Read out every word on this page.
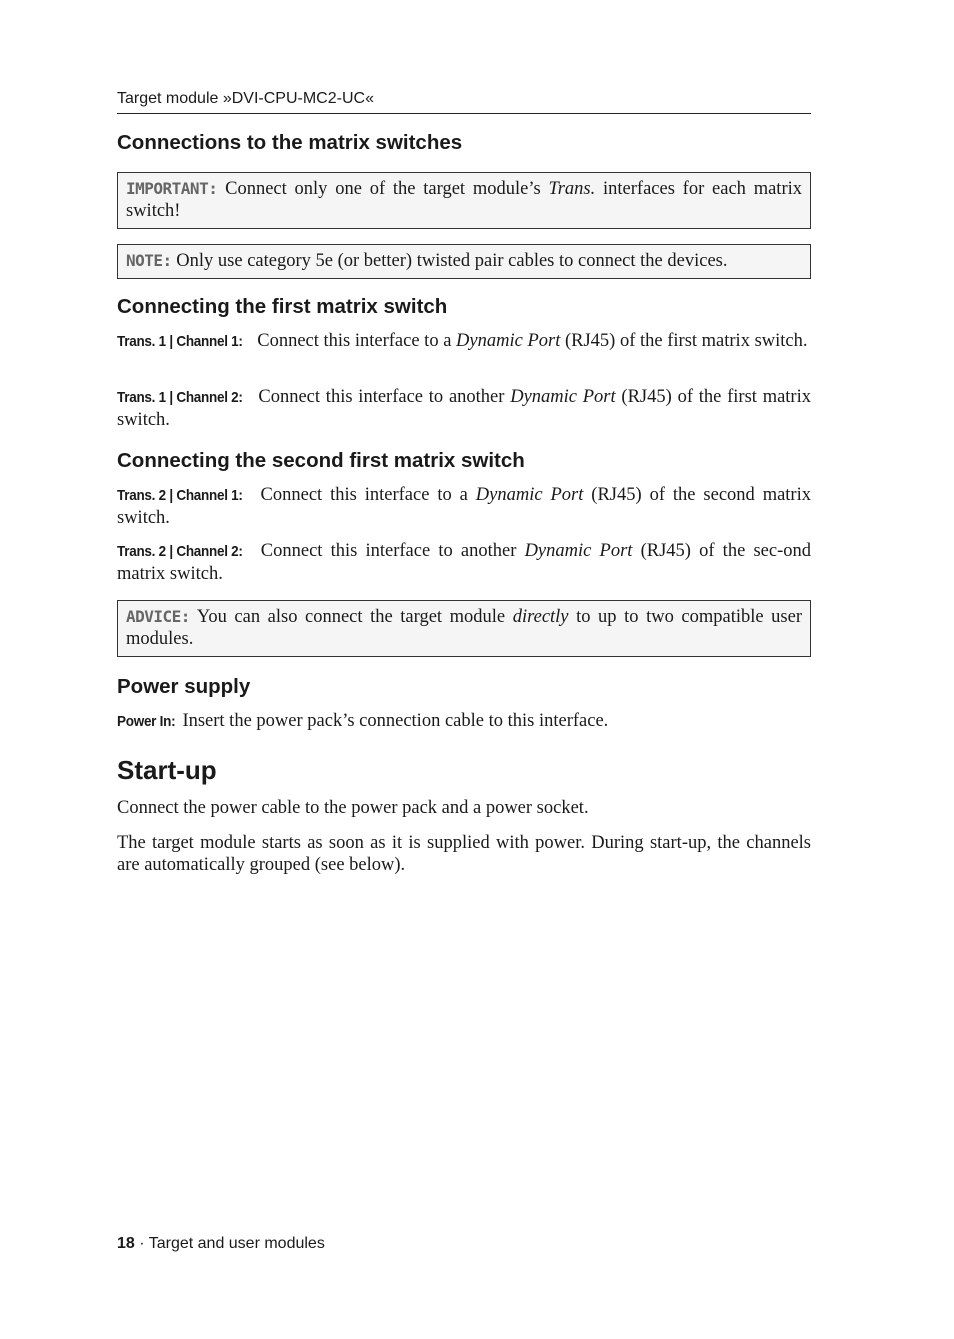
Target module »DVI-CPU-MC2-UC«
Connections to the matrix switches
IMPORTANT: Connect only one of the target module’s Trans. interfaces for each matrix switch!
NOTE: Only use category 5e (or better) twisted pair cables to connect the devices.
Connecting the first matrix switch

Trans. 1 | Channel 1: Connect this interface to a Dynamic Port (RJ45) of the first matrix switch.

Trans. 1 | Channel 2: Connect this interface to another Dynamic Port (RJ45) of the first matrix switch.

Connecting the second first matrix switch

Trans. 2 | Channel 1: Connect this interface to a Dynamic Port (RJ45) of the second matrix switch.

Trans. 2 | Channel 2: Connect this interface to another Dynamic Port (RJ45) of the sec-ond matrix switch.

ADVICE: You can also connect the target module directly to up to two compatible user modules.
Power supply

Power In: Insert the power pack’s connection cable to this interface.

Start-up

Connect the power cable to the power pack and a power socket.

The target module starts as soon as it is supplied with power. During start-up, the channels are automatically grouped (see below).

18 · Target and user modules
